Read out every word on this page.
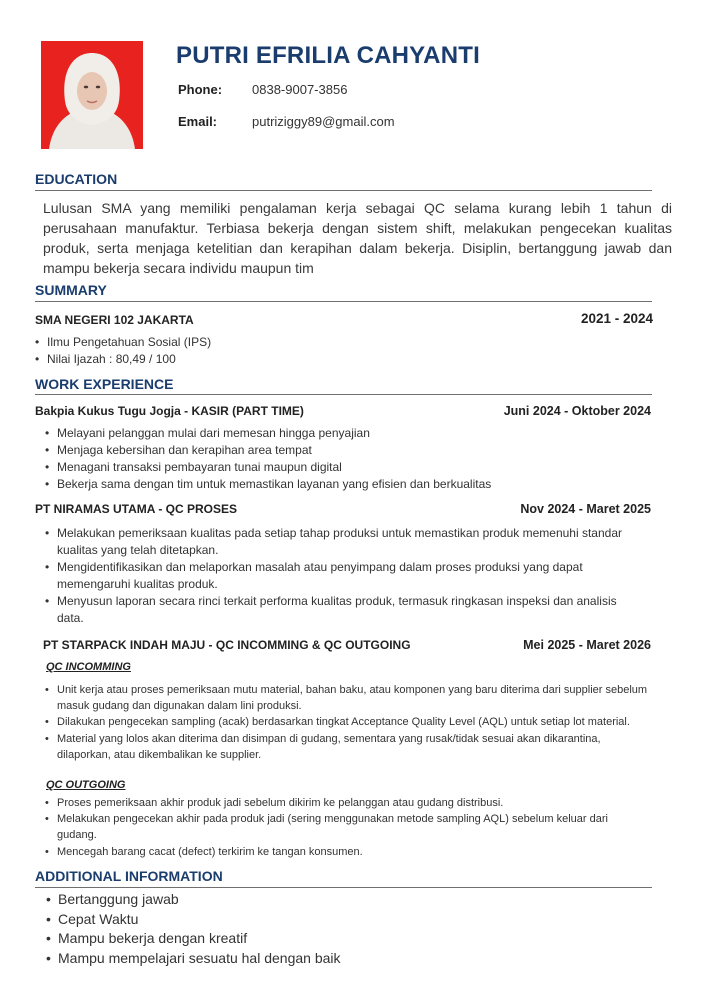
PUTRI EFRILIA CAHYANTI
Phone: 0838-9007-3856
Email:	putriziggy89@gmail.com
EDUCATION
Lulusan SMA yang memiliki pengalaman kerja sebagai QC selama kurang lebih 1 tahun di perusahaan manufaktur. Terbiasa bekerja dengan sistem shift, melakukan pengecekan kualitas produk, serta menjaga ketelitian dan kerapihan dalam bekerja. Disiplin, bertanggung jawab dan mampu bekerja secara individu maupun tim
SUMMARY
SMA NEGERI 102 JAKARTA	2021 - 2024
• Ilmu Pengetahuan Sosial (IPS)
• Nilai Ijazah : 80,49 / 100
WORK EXPERIENCE
Bakpia Kukus Tugu Jogja - KASIR (PART TIME)	Juni 2024 - Oktober 2024
• Melayani pelanggan mulai dari memesan hingga penyajian
• Menjaga kebersihan dan kerapihan area tempat
• Menagani transaksi pembayaran tunai maupun digital
• Bekerja sama dengan tim untuk memastikan layanan yang efisien dan berkualitas
PT NIRAMAS UTAMA - QC PROSES	Nov 2024 - Maret 2025
• Melakukan pemeriksaan kualitas pada setiap tahap produksi untuk memastikan produk memenuhi standar kualitas yang telah ditetapkan.
• Mengidentifikasikan dan melaporkan masalah atau penyimpang dalam proses produksi yang dapat memengaruhi kualitas produk.
• Menyusun laporan secara rinci terkait performa kualitas produk, termasuk ringkasan inspeksi dan analisis data.
PT STARPACK INDAH MAJU - QC INCOMMING & QC OUTGOING	Mei 2025 - Maret 2026
QC INCOMMING
• Unit kerja atau proses pemeriksaan mutu material, bahan baku, atau komponen yang baru diterima dari supplier sebelum masuk gudang dan digunakan dalam lini produksi.
• Dilakukan pengecekan sampling (acak) berdasarkan tingkat Acceptance Quality Level (AQL) untuk setiap lot material.
• Material yang lolos akan diterima dan disimpan di gudang, sementara yang rusak/tidak sesuai akan dikarantina, dilaporkan, atau dikembalikan ke supplier.
QC OUTGOING
• Proses pemeriksaan akhir produk jadi sebelum dikirim ke pelanggan atau gudang distribusi.
• Melakukan pengecekan akhir pada produk jadi (sering menggunakan metode sampling AQL) sebelum keluar dari gudang.
• Mencegah barang cacat (defect) terkirim ke tangan konsumen.
ADDITIONAL INFORMATION
• Bertanggung jawab
• Cepat Waktu
• Mampu bekerja dengan kreatif
• Mampu mempelajari sesuatu hal dengan baik
